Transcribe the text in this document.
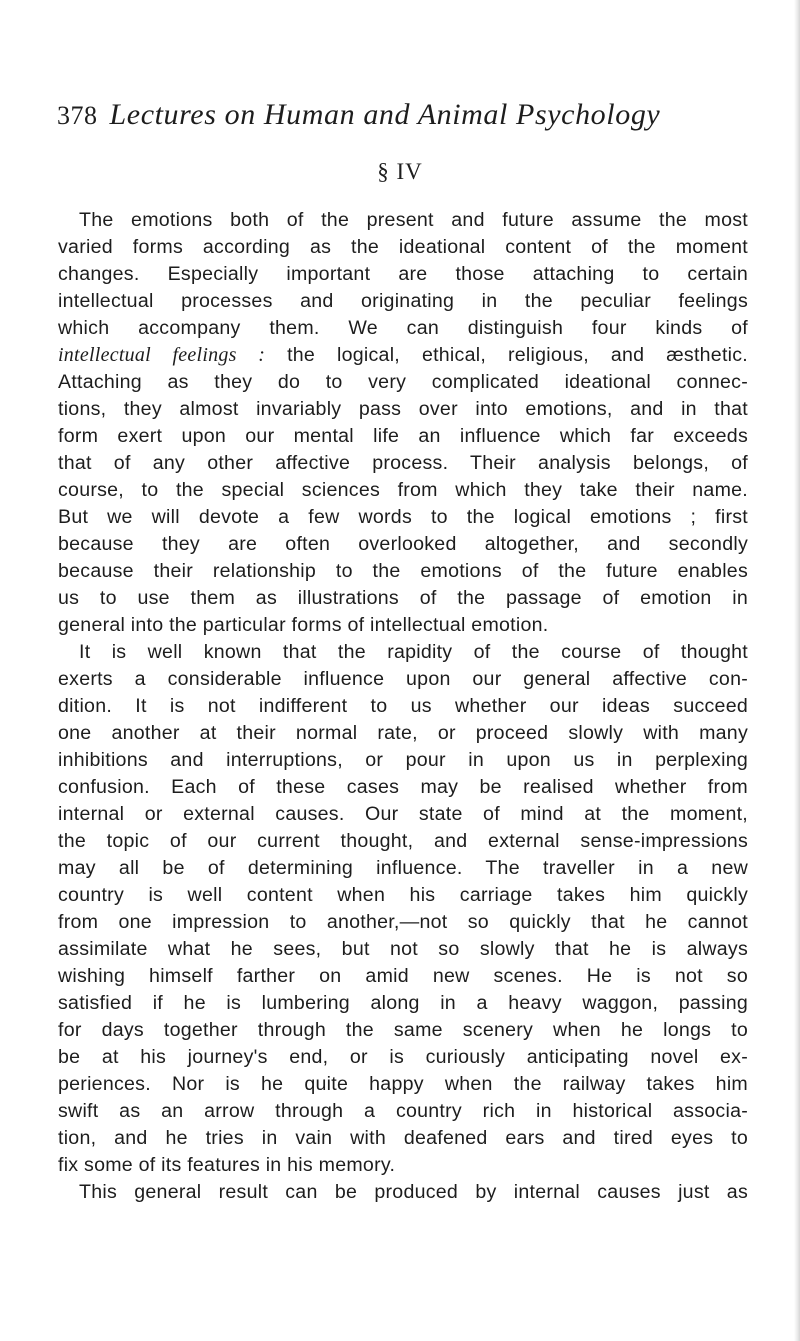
378 Lectures on Human and Animal Psychology
§ IV
The emotions both of the present and future assume the most
varied forms according as the ideational content of the moment
changes. Especially important are those attaching to certain
intellectual processes and originating in the peculiar feelings
which accompany them. We can distinguish four kinds of
intellectual feelings : the logical, ethical, religious, and æsthetic.
Attaching as they do to very complicated ideational connec-
tions, they almost invariably pass over into emotions, and in that
form exert upon our mental life an influence which far exceeds
that of any other affective process. Their analysis belongs, of
course, to the special sciences from which they take their name.
But we will devote a few words to the logical emotions ; first
because they are often overlooked altogether, and secondly
because their relationship to the emotions of the future enables
us to use them as illustrations of the passage of emotion in
general into the particular forms of intellectual emotion.
It is well known that the rapidity of the course of thought
exerts a considerable influence upon our general affective con-
dition. It is not indifferent to us whether our ideas succeed
one another at their normal rate, or proceed slowly with many
inhibitions and interruptions, or pour in upon us in perplexing
confusion. Each of these cases may be realised whether from
internal or external causes. Our state of mind at the moment,
the topic of our current thought, and external sense-impressions
may all be of determining influence. The traveller in a new
country is well content when his carriage takes him quickly
from one impression to another,—not so quickly that he cannot
assimilate what he sees, but not so slowly that he is always
wishing himself farther on amid new scenes. He is not so
satisfied if he is lumbering along in a heavy waggon, passing
for days together through the same scenery when he longs to
be at his journey's end, or is curiously anticipating novel ex-
periences. Nor is he quite happy when the railway takes him
swift as an arrow through a country rich in historical associa-
tion, and he tries in vain with deafened ears and tired eyes to
fix some of its features in his memory.
This general result can be produced by internal causes just as
